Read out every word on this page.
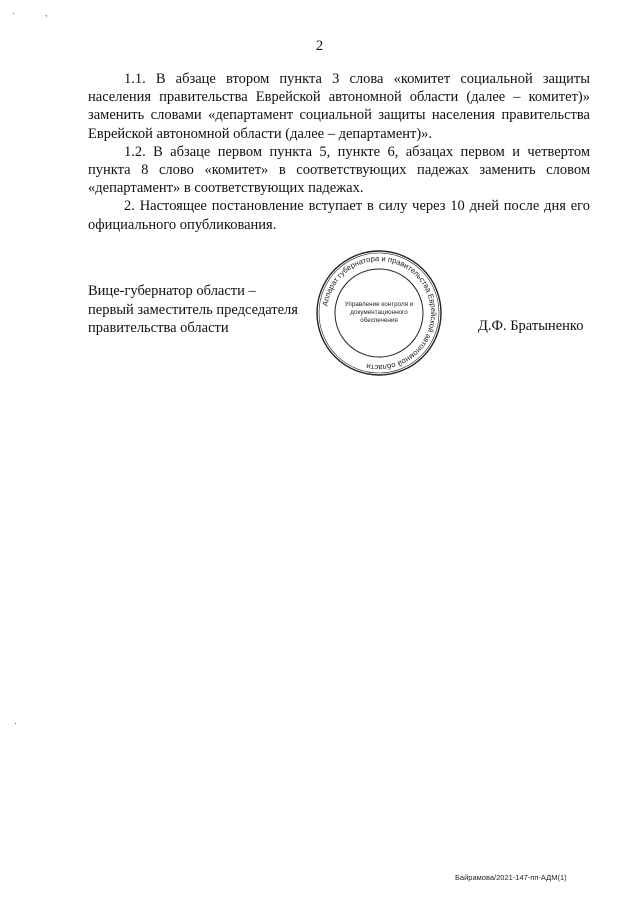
·	,
2

1.1. В абзаце втором пункта 3 слова «комитет социальной защиты населения правительства Еврейской автономной области (далее – комитет)» заменить словами «департамент социальной защиты населения правительства Еврейской автономной области (далее – департамент)».

1.2. В абзаце первом пункта 5, пункте 6, абзацах первом и четвертом пункта 8 слово «комитет» в соответствующих падежах заменить словом «департамент» в соответствующих падежах.

2. Настоящее постановление вступает в силу через 10 дней после дня его официального опубликования.

Вице-губернатор области –
первый заместитель председателя
правительства области
Аппарат губернатора и правительства Еврейской автономной области
Управление контроля и
документационного
обеспечения	Д.Ф. Братыненко
·
Байрамова/2021-147-пп-АДМ(1)
